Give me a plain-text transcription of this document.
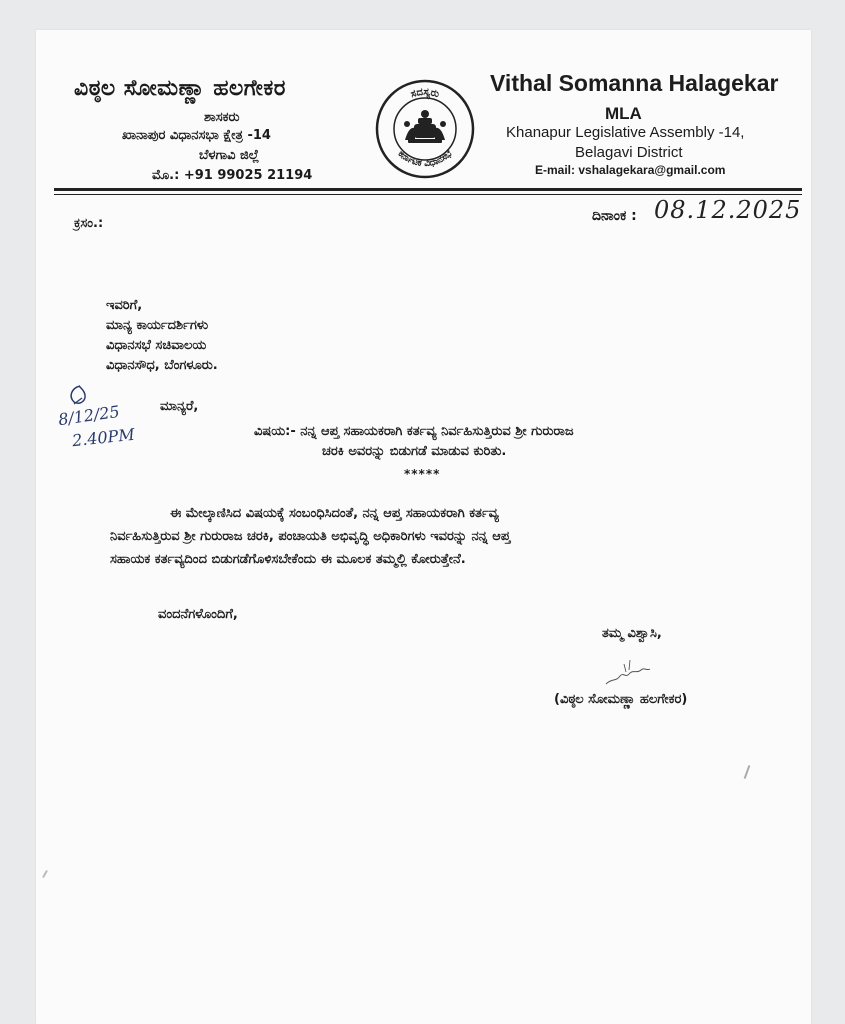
ವಿಠ್ಠಲ ಸೋಮಣ್ಣಾ ಹಲಗೇಕರ
ಶಾಸಕರು
ಖಾನಾಪುರ ವಿಧಾನಸಭಾ ಕ್ಷೇತ್ರ -14
ಬೆಳಗಾವಿ ಜಿಲ್ಲೆ
ಮೊ.: +91 99025 21194
ಸದಸ್ಯರು
ಕರ್ನಾಟಕ ವಿಧಾನಸಭೆ
Vithal Somanna Halagekar
MLA
Khanapur Legislative Assembly -14,
Belagavi District
E-mail: vshalagekara@gmail.com
ಕ್ರಸಂ.:	ದಿನಾಂಕ : 08.12.2025
ಇವರಿಗೆ,
ಮಾನ್ಯ ಕಾರ್ಯದರ್ಶಿಗಳು
ವಿಧಾನಸಭೆ ಸಚಿವಾಲಯ
ವಿಧಾನಸೌಧ, ಬೆಂಗಳೂರು.
8/12/25
2.40PM
ಮಾನ್ಯರೆ,
ವಿಷಯ:- ನನ್ನ ಆಪ್ತ ಸಹಾಯಕರಾಗಿ ಕರ್ತವ್ಯ ನಿರ್ವಹಿಸುತ್ತಿರುವ ಶ್ರೀ ಗುರುರಾಜ
ಚರಕಿ ಅವರನ್ನು ಬಿಡುಗಡೆ ಮಾಡುವ ಕುರಿತು.
*****
ಈ ಮೇಲ್ಕಾಣಿಸಿದ ವಿಷಯಕ್ಕೆ ಸಂಬಂಧಿಸಿದಂತೆ, ನನ್ನ ಆಪ್ತ ಸಹಾಯಕರಾಗಿ ಕರ್ತವ್ಯ
ನಿರ್ವಹಿಸುತ್ತಿರುವ ಶ್ರೀ ಗುರುರಾಜ ಚರಕಿ, ಪಂಚಾಯತಿ ಅಭಿವೃದ್ಧಿ ಅಧಿಕಾರಿಗಳು ಇವರನ್ನು ನನ್ನ ಆಪ್ತ
ಸಹಾಯಕ ಕರ್ತವ್ಯದಿಂದ ಬಿಡುಗಡೆಗೊಳಿಸಬೇಕೆಂದು ಈ ಮೂಲಕ ತಮ್ಮಲ್ಲಿ ಕೋರುತ್ತೇನೆ.
ವಂದನೆಗಳೊಂದಿಗೆ,
ತಮ್ಮ ವಿಶ್ವಾಸಿ,
(ವಿಠ್ಠಲ ಸೋಮಣ್ಣಾ ಹಲಗೇಕರ)
